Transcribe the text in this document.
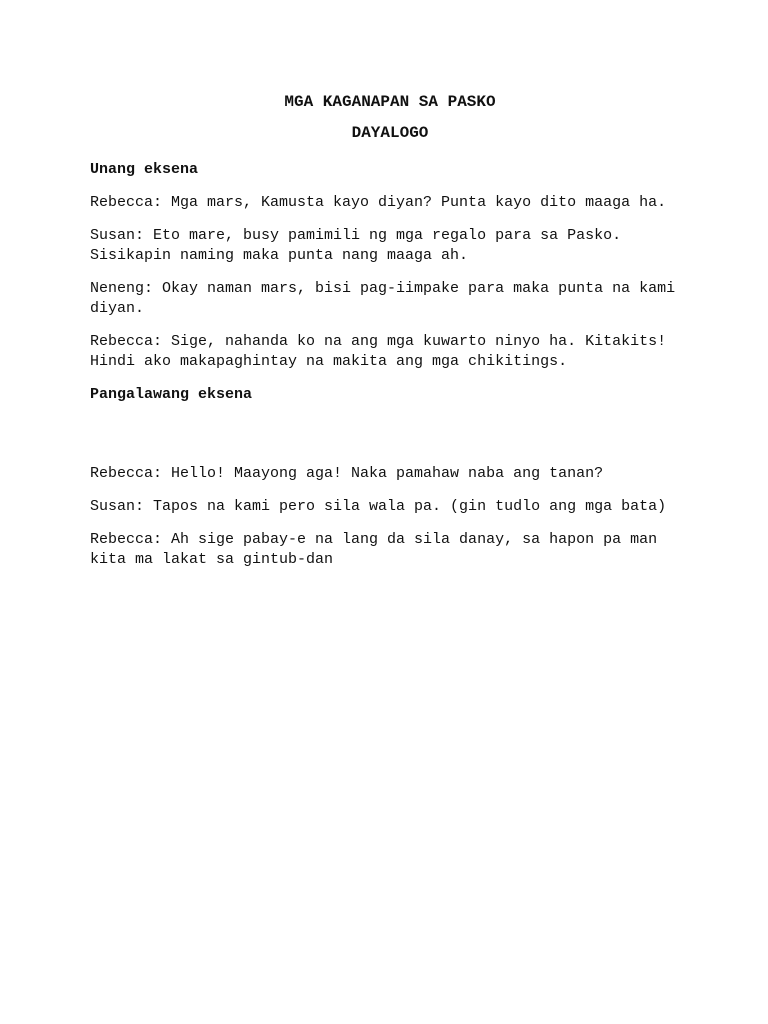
MGA KAGANAPAN SA PASKO

DAYALOGO

Unang eksena

Rebecca: Mga mars, Kamusta kayo diyan? Punta kayo dito maaga ha.

Susan: Eto mare, busy pamimili ng mga regalo para sa Pasko. Sisikapin naming maka punta nang maaga ah.

Neneng: Okay naman mars, bisi pag-iimpake para maka punta na kami diyan.

Rebecca: Sige, nahanda ko na ang mga kuwarto ninyo ha. Kitakits! Hindi ako makapaghintay na makita ang mga chikitings.

Pangalawang eksena

Rebecca: Hello! Maayong aga! Naka pamahaw naba ang tanan?

Susan: Tapos na kami pero sila wala pa. (gin tudlo ang mga bata)

Rebecca: Ah sige pabay-e na lang da sila danay, sa hapon pa man kita ma lakat sa gintub-dan
